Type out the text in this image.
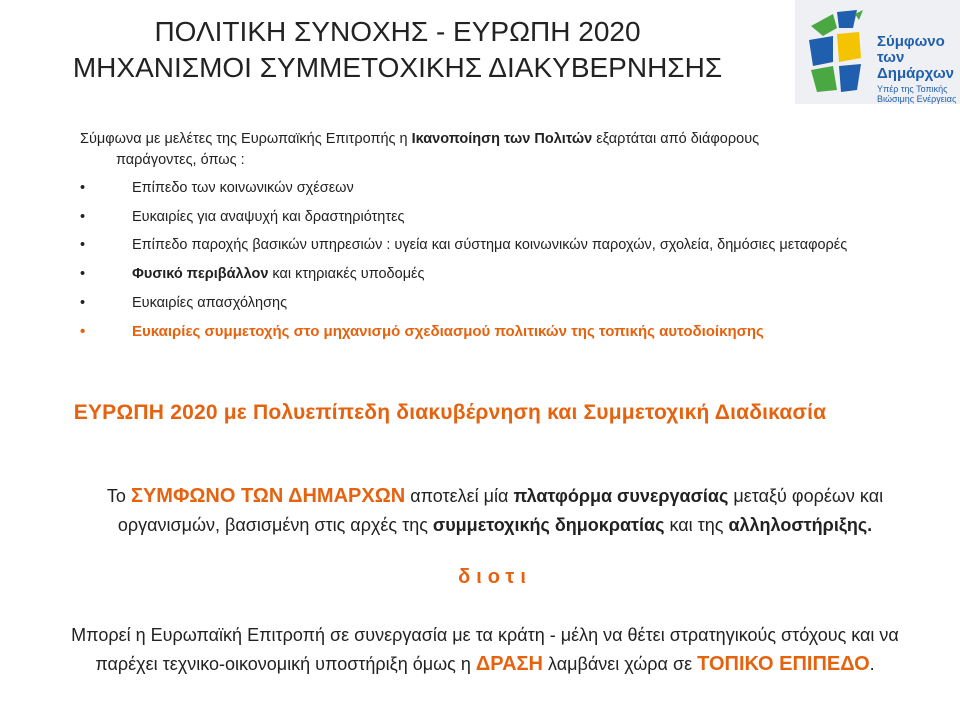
ΠΟΛΙΤΙΚΗ ΣΥΝΟΧΗΣ - ΕΥΡΩΠΗ 2020
ΜΗΧΑΝΙΣΜΟΙ ΣΥΜΜΕΤΟΧΙΚΗΣ ΔΙΑΚΥΒΕΡΝΗΣΗΣ
Σύμφωνο
των Δημάρχων
Υπέρ της Τοπικής
Βιώσιμης Ενέργειας
Σύμφωνα με μελέτες της Ευρωπαϊκής Επιτροπής η Ικανοποίηση των Πολιτών εξαρτάται από διάφορους
παράγοντες, όπως :
•	Επίπεδο των κοινωνικών σχέσεων
•	Ευκαιρίες για αναψυχή και δραστηριότητες
•	Επίπεδο παροχής βασικών υπηρεσιών : υγεία και σύστημα κοινωνικών παροχών, σχολεία, δημόσιες μεταφορές
•	Φυσικό περιβάλλον και κτηριακές υποδομές
•	Ευκαιρίες απασχόλησης
•	Ευκαιρίες συμμετοχής στο μηχανισμό σχεδιασμού πολιτικών της τοπικής αυτοδιοίκησης
ΕΥΡΩΠΗ 2020 με Πολυεπίπεδη διακυβέρνηση και Συμμετοχική Διαδικασία
Το ΣΥΜΦΩΝΟ ΤΩΝ ΔΗΜΑΡΧΩΝ αποτελεί μία πλατφόρμα συνεργασίας μεταξύ φορέων και οργανισμών, βασισμένη στις αρχές της συμμετοχικής δημοκρατίας και της αλληλοστήριξης.
διοτι
Μπορεί η Ευρωπαϊκή Επιτροπή σε συνεργασία με τα κράτη - μέλη να θέτει στρατηγικούς στόχους και να παρέχει τεχνικο-οικονομική υποστήριξη όμως η ΔΡΑΣΗ λαμβάνει χώρα σε ΤΟΠΙΚΟ ΕΠΙΠΕΔΟ.
